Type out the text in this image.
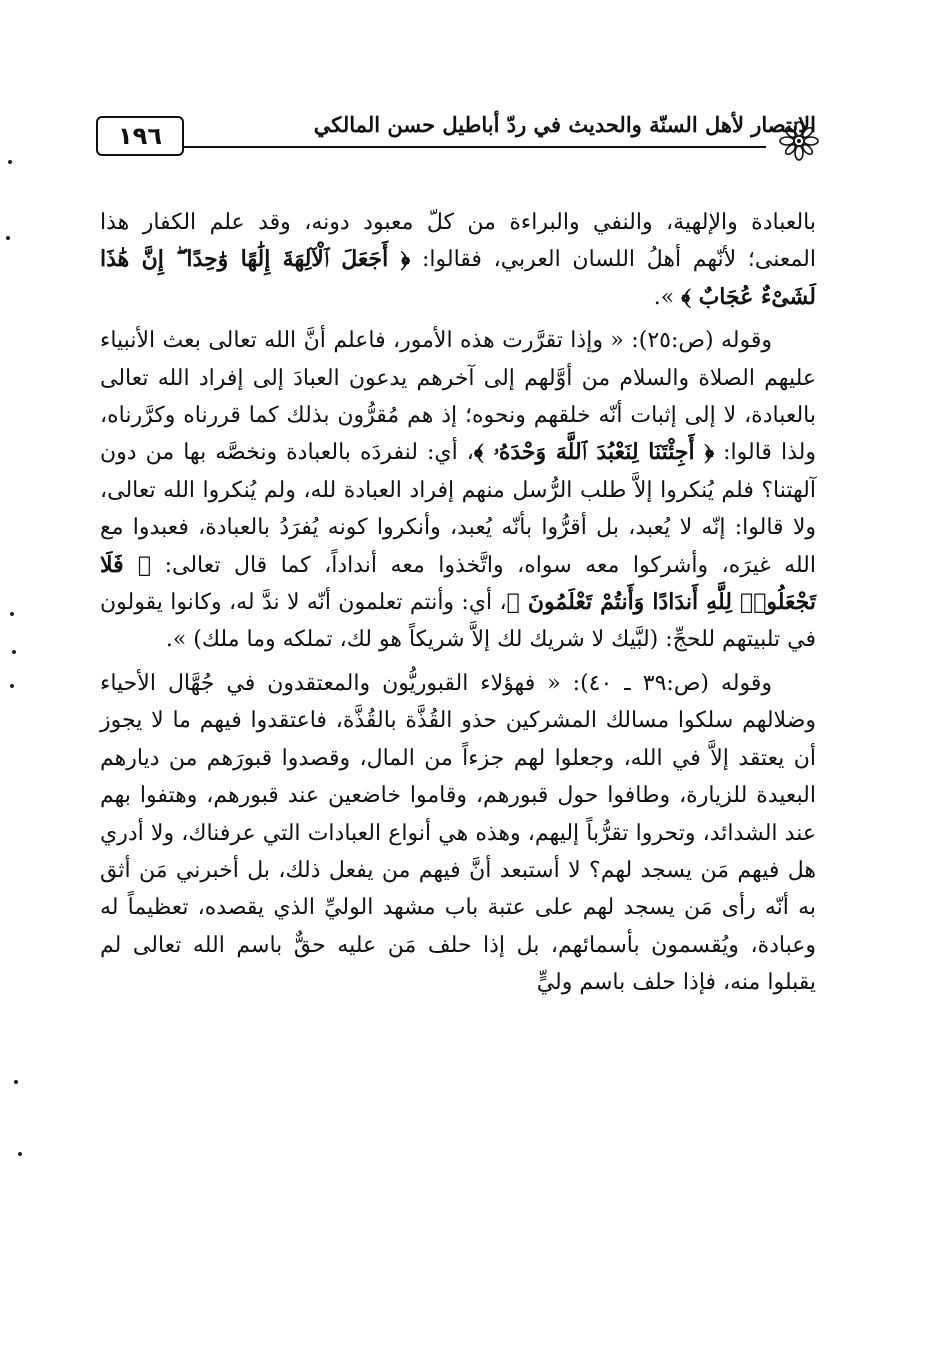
الانتصار لأهل السنّة والحديث في ردّ أباطيل حسن المالكي
١٩٦

بالعبادة والإلهية، والنفي والبراءة من كلّ معبود دونه، وقد علم الكفار هذا المعنى؛ لأنّهم أهلُ اللسان العربي، فقالوا: ﴿ أَجَعَلَ ٱلْآلِهَةَ إِلَٰهًا وَٰحِدًا ۖ إِنَّ هَٰذَا لَشَىْءٌ عُجَابٌ ﴾ ».

وقوله (ص:٢٥): « وإذا تقرَّرت هذه الأمور، فاعلم أنَّ الله تعالى بعث الأنبياء عليهم الصلاة والسلام من أوَّلهم إلى آخرهم يدعون العبادَ إلى إفراد الله تعالى بالعبادة، لا إلى إثبات أنّه خلقهم ونحوه؛ إذ هم مُقرُّون بذلك كما قررناه وكرَّرناه، ولذا قالوا: ﴿ أَجِئْتَنَا لِنَعْبُدَ ٱللَّهَ وَحْدَهُۥ ﴾، أي: لنفردَه بالعبادة ونخصَّه بها من دون آلهتنا؟ فلم يُنكروا إلاَّ طلب الرُّسل منهم إفراد العبادة لله، ولم يُنكروا الله تعالى، ولا قالوا: إنّه لا يُعبد، بل أقرُّوا بأنّه يُعبد، وأنكروا كونه يُفرَدُ بالعبادة، فعبدوا مع الله غيرَه، وأشركوا معه سواه، واتَّخذوا معه أنداداً، كما قال تعالى: ﴿ فَلَا تَجْعَلُوا۟ لِلَّهِ أَندَادًا وَأَنتُمْ تَعْلَمُونَ ﴾، أي: وأنتم تعلمون أنّه لا ندَّ له، وكانوا يقولون في تلبيتهم للحجِّ: (لبَّيك لا شريك لك إلاَّ شريكاً هو لك، تملكه وما ملك) ».

وقوله (ص:٣٩ ـ ٤٠): « فهؤلاء القبوريُّون والمعتقدون في جُهَّال الأحياء وضلالهم سلكوا مسالك المشركين حذو القُذَّة بالقُذَّة، فاعتقدوا فيهم ما لا يجوز أن يعتقد إلاَّ في الله، وجعلوا لهم جزءاً من المال، وقصدوا قبورَهم من ديارهم البعيدة للزيارة، وطافوا حول قبورهم، وقاموا خاضعين عند قبورهم، وهتفوا بهم عند الشدائد، وتحروا تقرُّباً إليهم، وهذه هي أنواع العبادات التي عرفناك، ولا أدري هل فيهم مَن يسجد لهم؟ لا أستبعد أنَّ فيهم من يفعل ذلك، بل أخبرني مَن أثق به أنّه رأى مَن يسجد لهم على عتبة باب مشهد الوليِّ الذي يقصده، تعظيماً له وعبادة، ويُقسمون بأسمائهم، بل إذا حلف مَن عليه حقٌّ باسم الله تعالى لم يقبلوا منه، فإذا حلف باسم وليٍّ
